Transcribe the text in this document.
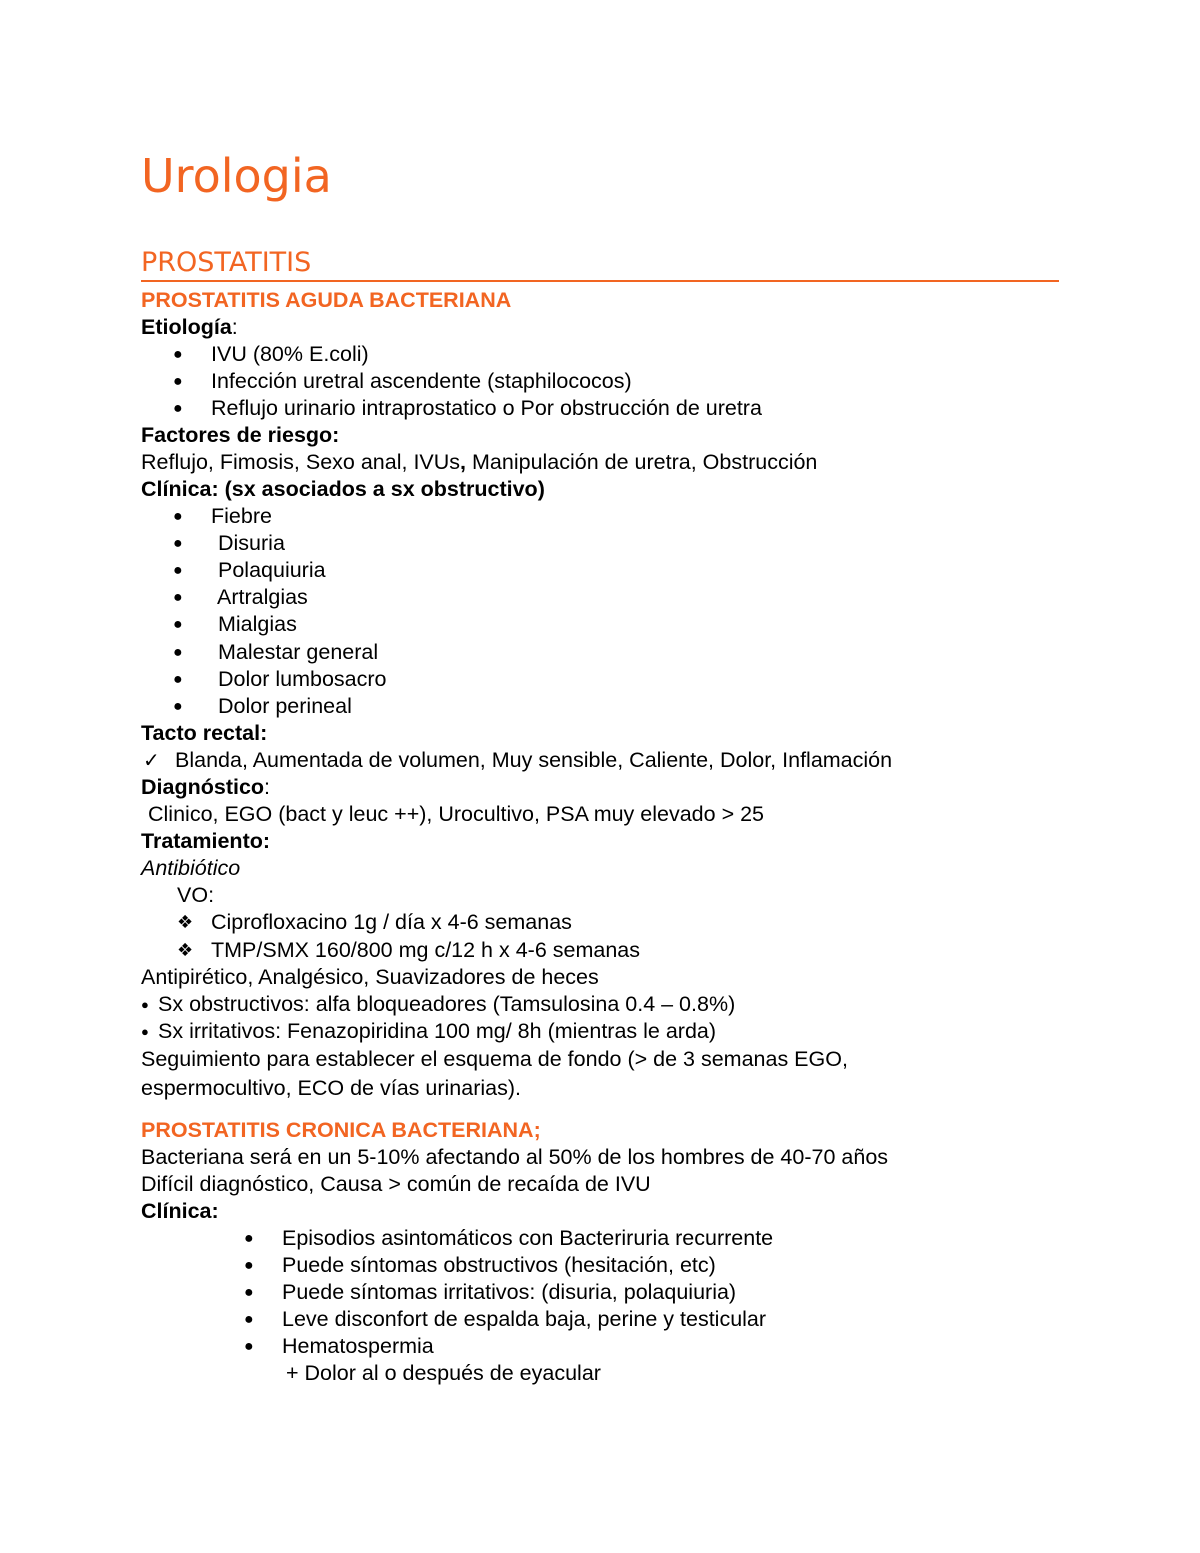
Urologia
PROSTATITIS
PROSTATITIS AGUDA BACTERIANA
Etiología:
● IVU (80% E.coli)
● Infección uretral ascendente (staphilococos)
● Reflujo urinario intraprostatico o Por obstrucción de uretra
Factores de riesgo:
Reflujo, Fimosis, Sexo anal, IVUs, Manipulación de uretra, Obstrucción
Clínica: (sx asociados a sx obstructivo)
● Fiebre
● Disuria
● Polaquiuria
● Artralgias
● Mialgias
● Malestar general
● Dolor lumbosacro
● Dolor perineal
Tacto rectal:
✓ Blanda, Aumentada de volumen, Muy sensible, Caliente, Dolor, Inflamación
Diagnóstico:
Clinico, EGO (bact y leuc ++), Urocultivo, PSA muy elevado > 25
Tratamiento:
Antibiótico
VO:
❖ Ciprofloxacino 1g / día x 4-6 semanas
❖ TMP/SMX 160/800 mg c/12 h x 4-6 semanas
Antipirético, Analgésico, Suavizadores de heces
● Sx obstructivos: alfa bloqueadores (Tamsulosina 0.4 – 0.8%)
● Sx irritativos: Fenazopiridina 100 mg/ 8h (mientras le arda)
Seguimiento para establecer el esquema de fondo (> de 3 semanas EGO,
espermocultivo, ECO de vías urinarias).
PROSTATITIS CRONICA BACTERIANA;
Bacteriana será en un 5-10% afectando al 50% de los hombres de 40-70 años
Difícil diagnóstico, Causa > común de recaída de IVU
Clínica:
● Episodios asintomáticos con Bacteriruria recurrente
● Puede síntomas obstructivos (hesitación, etc)
● Puede síntomas irritativos: (disuria, polaquiuria)
● Leve disconfort de espalda baja, perine y testicular
● Hematospermia
+ Dolor al o después de eyacular
